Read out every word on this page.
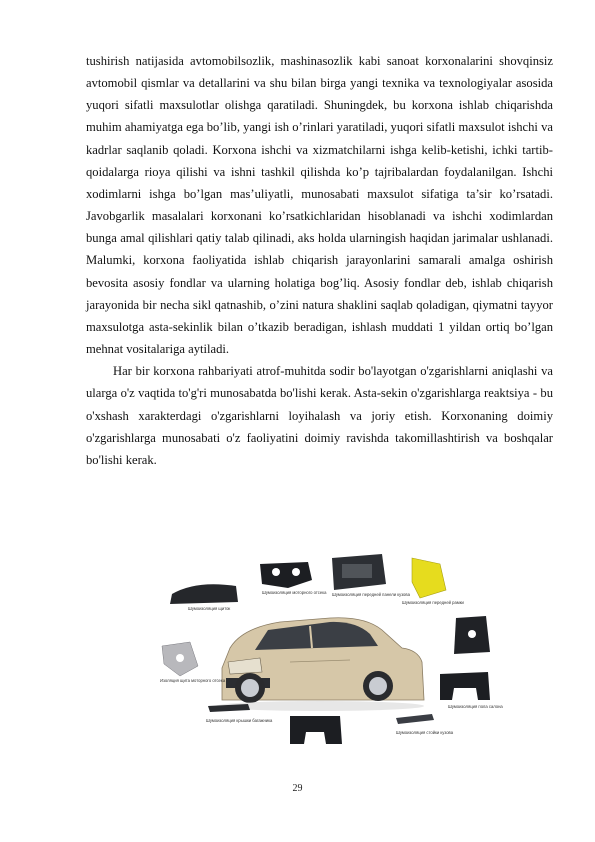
tushirish natijasida avtomobilsozlik, mashinasozlik kabi sanoat korxonalarini shovqinsiz avtomobil qismlar va detallarini va shu bilan birga yangi texnika va texnologiyalar asosida yuqori sifatli maxsulotlar olishga qaratiladi. Shuningdek, bu korxona ishlab chiqarishda muhim ahamiyatga ega bo’lib, yangi ish o’rinlari yaratiladi, yuqori sifatli maxsulot ishchi va kadrlar saqlanib qoladi. Korxona ishchi va xizmatchilarni ishga kelib-ketishi, ichki tartib-qoidalarga rioya qilishi va ishni tashkil qilishda ko’p tajribalardan foydalanilgan. Ishchi xodimlarni ishga bo’lgan mas’uliyatli, munosabati maxsulot sifatiga ta’sir ko’rsatadi. Javobgarlik masalalari korxonani ko’rsatkichlaridan hisoblanadi va ishchi xodimlardan bunga amal qilishlari qatiy talab qilinadi, aks holda ularningish haqidan jarimalar ushlanadi. Malumki, korxona faoliyatida ishlab chiqarish jarayonlarini samarali amalga oshirish bevosita asosiy fondlar va ularning holatiga bog’liq. Asosiy fondlar deb, ishlab chiqarish jarayonida bir necha sikl qatnashib, o’zini natura shaklini saqlab qoladigan, qiymatni tayyor maxsulotga asta-sekinlik bilan o’tkazib beradigan, ishlash muddati 1 yildan ortiq bo’lgan mehnat vositalariga aytiladi.

Har bir korxona rahbariyati atrof-muhitda sodir bo'layotgan o'zgarishlarni aniqlashi va ularga o'z vaqtida to'g'ri munosabatda bo'lishi kerak. Asta-sekin o'zgarishlarga reaktsiya - bu o'xshash xarakterdagi o'zgarishlarni loyihalash va joriy etish. Korxonaning doimiy o'zgarishlarga munosabati o'z faoliyatini doimiy ravishda takomillashtirish va boshqalar bo'lishi kerak.

Шумоизоляция щиток
Шумоизоляция моторного отсека Шумоизоляция передней панели кузова
Шумоизоляция передней рамки
Изоляция щита моторного отсека
Шумоизоляция крышки багажника
Шумоизоляция стойки кузова
Шумоизоляция пола салона
29
